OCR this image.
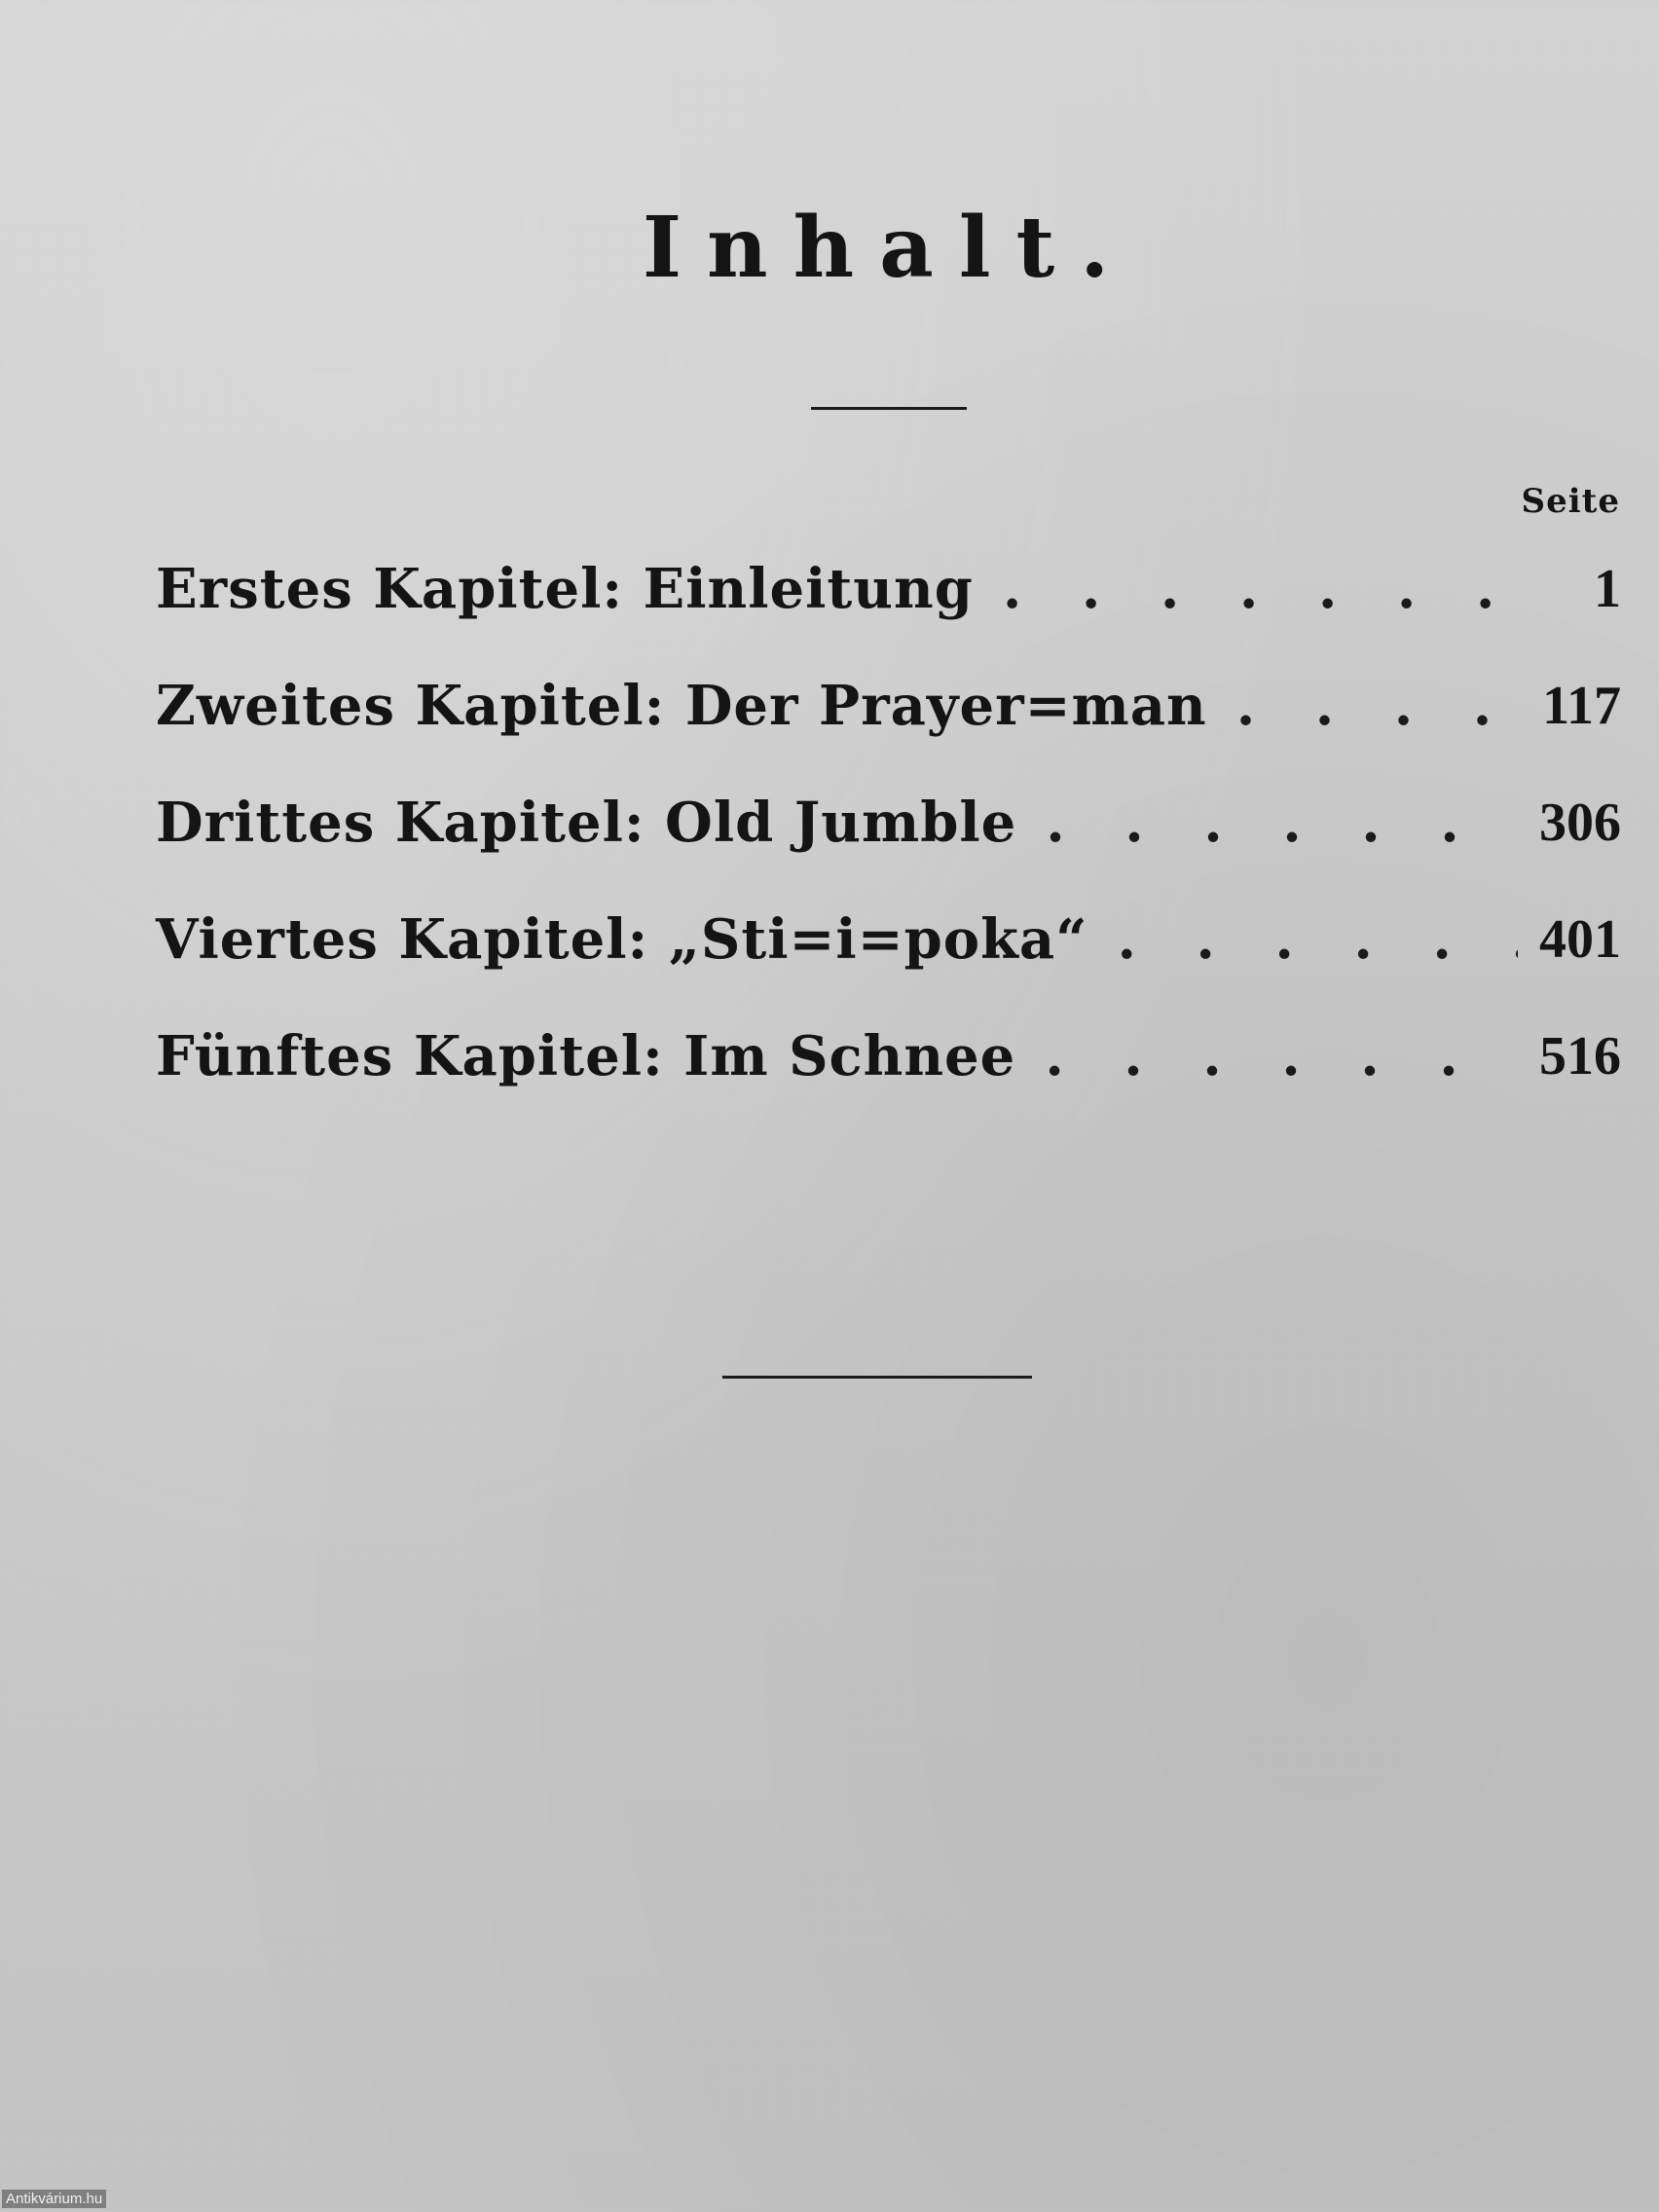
Inhalt.
Seite
Erstes Kapitel: Einleitung . . .	1
Zweites Kapitel: Der Prayer=man . . .	117
Drittes Kapitel: Old Jumble . . .	306
Viertes Kapitel: „Sti=i=poka“ . . .	401
Fünftes Kapitel: Im Schnee . . .	516
Antikvárium.hu
